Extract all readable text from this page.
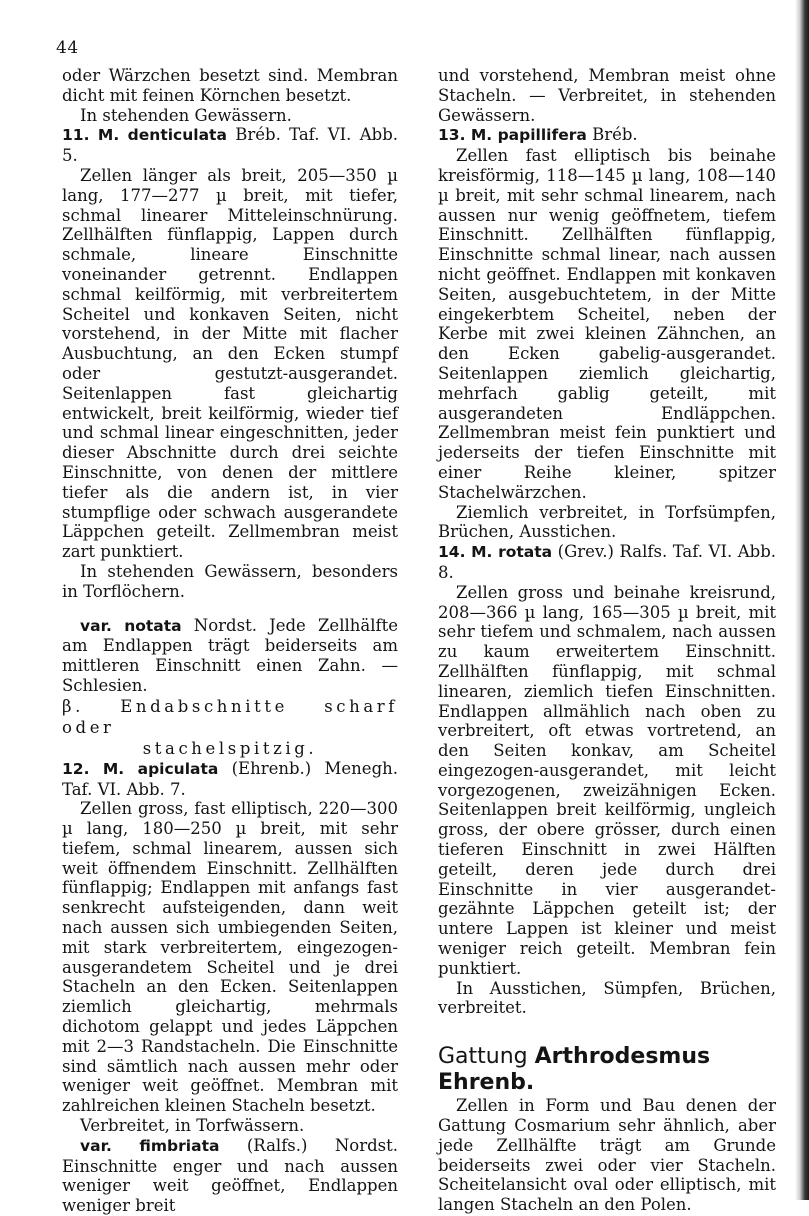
44

oder Wärzchen besetzt sind. Membran dicht mit feinen Körnchen besetzt.

In stehenden Gewässern.

11. M. denticulata Bréb. Taf. VI. Abb. 5.

Zellen länger als breit, 205—350 µ lang, 177—277 µ breit, mit tiefer, schmal linearer Mitteleinschnürung. Zellhälften fünflappig, Lappen durch schmale, lineare Einschnitte voneinander getrennt. Endlappen schmal keilförmig, mit verbreitertem Scheitel und konkaven Seiten, nicht vorstehend, in der Mitte mit flacher Ausbuchtung, an den Ecken stumpf oder gestutzt-ausgerandet. Seitenlappen fast gleichartig entwickelt, breit keilförmig, wieder tief und schmal linear eingeschnitten, jeder dieser Abschnitte durch drei seichte Einschnitte, von denen der mittlere tiefer als die andern ist, in vier stumpflige oder schwach ausgerandete Läppchen geteilt. Zellmembran meist zart punktiert.

In stehenden Gewässern, besonders in Torflöchern.

var. notata Nordst. Jede Zellhälfte am Endlappen trägt beiderseits am mittleren Einschnitt einen Zahn. — Schlesien.

β. Endabschnitte scharf oder

stachelspitzig.

12. M. apiculata (Ehrenb.) Menegh. Taf. VI. Abb. 7.

Zellen gross, fast elliptisch, 220—300 µ lang, 180—250 µ breit, mit sehr tiefem, schmal linearem, aussen sich weit öffnendem Einschnitt. Zellhälften fünflappig; Endlappen mit anfangs fast senkrecht aufsteigenden, dann weit nach aussen sich umbiegenden Seiten, mit stark verbreitertem, eingezogen-ausgerandetem Scheitel und je drei Stacheln an den Ecken. Seitenlappen ziemlich gleichartig, mehrmals dichotom gelappt und jedes Läppchen mit 2—3 Randstacheln. Die Einschnitte sind sämtlich nach aussen mehr oder weniger weit geöffnet. Membran mit zahlreichen kleinen Stacheln besetzt.

Verbreitet, in Torfwässern.

var. fimbriata (Ralfs.) Nordst. Einschnitte enger und nach aussen weniger weit geöffnet, Endlappen weniger breit

und vorstehend, Membran meist ohne Stacheln. — Verbreitet, in stehenden Gewässern.

13. M. papillifera Bréb.

Zellen fast elliptisch bis beinahe kreisförmig, 118—145 µ lang, 108—140 µ breit, mit sehr schmal linearem, nach aussen nur wenig geöffnetem, tiefem Einschnitt. Zellhälften fünflappig, Einschnitte schmal linear, nach aussen nicht geöffnet. Endlappen mit konkaven Seiten, ausgebuchtetem, in der Mitte eingekerbtem Scheitel, neben der Kerbe mit zwei kleinen Zähnchen, an den Ecken gabelig-ausgerandet. Seitenlappen ziemlich gleichartig, mehrfach gablig geteilt, mit ausgerandeten Endläppchen. Zellmembran meist fein punktiert und jederseits der tiefen Einschnitte mit einer Reihe kleiner, spitzer Stachelwärzchen.

Ziemlich verbreitet, in Torfsümpfen, Brüchen, Ausstichen.

14. M. rotata (Grev.) Ralfs. Taf. VI. Abb. 8.

Zellen gross und beinahe kreisrund, 208—366 µ lang, 165—305 µ breit, mit sehr tiefem und schmalem, nach aussen zu kaum erweitertem Einschnitt. Zellhälften fünflappig, mit schmal linearen, ziemlich tiefen Einschnitten. Endlappen allmählich nach oben zu verbreitert, oft etwas vortretend, an den Seiten konkav, am Scheitel eingezogen-ausgerandet, mit leicht vorgezogenen, zweizähnigen Ecken. Seitenlappen breit keilförmig, ungleich gross, der obere grösser, durch einen tieferen Einschnitt in zwei Hälften geteilt, deren jede durch drei Einschnitte in vier ausgerandet-gezähnte Läppchen geteilt ist; der untere Lappen ist kleiner und meist weniger reich geteilt. Membran fein punktiert.

In Ausstichen, Sümpfen, Brüchen, verbreitet.

Gattung Arthrodesmus Ehrenb.

Zellen in Form und Bau denen der Gattung Cosmarium sehr ähnlich, aber jede Zellhälfte trägt am Grunde beiderseits zwei oder vier Stacheln. Scheitelansicht oval oder elliptisch, mit langen Stacheln an den Polen.
